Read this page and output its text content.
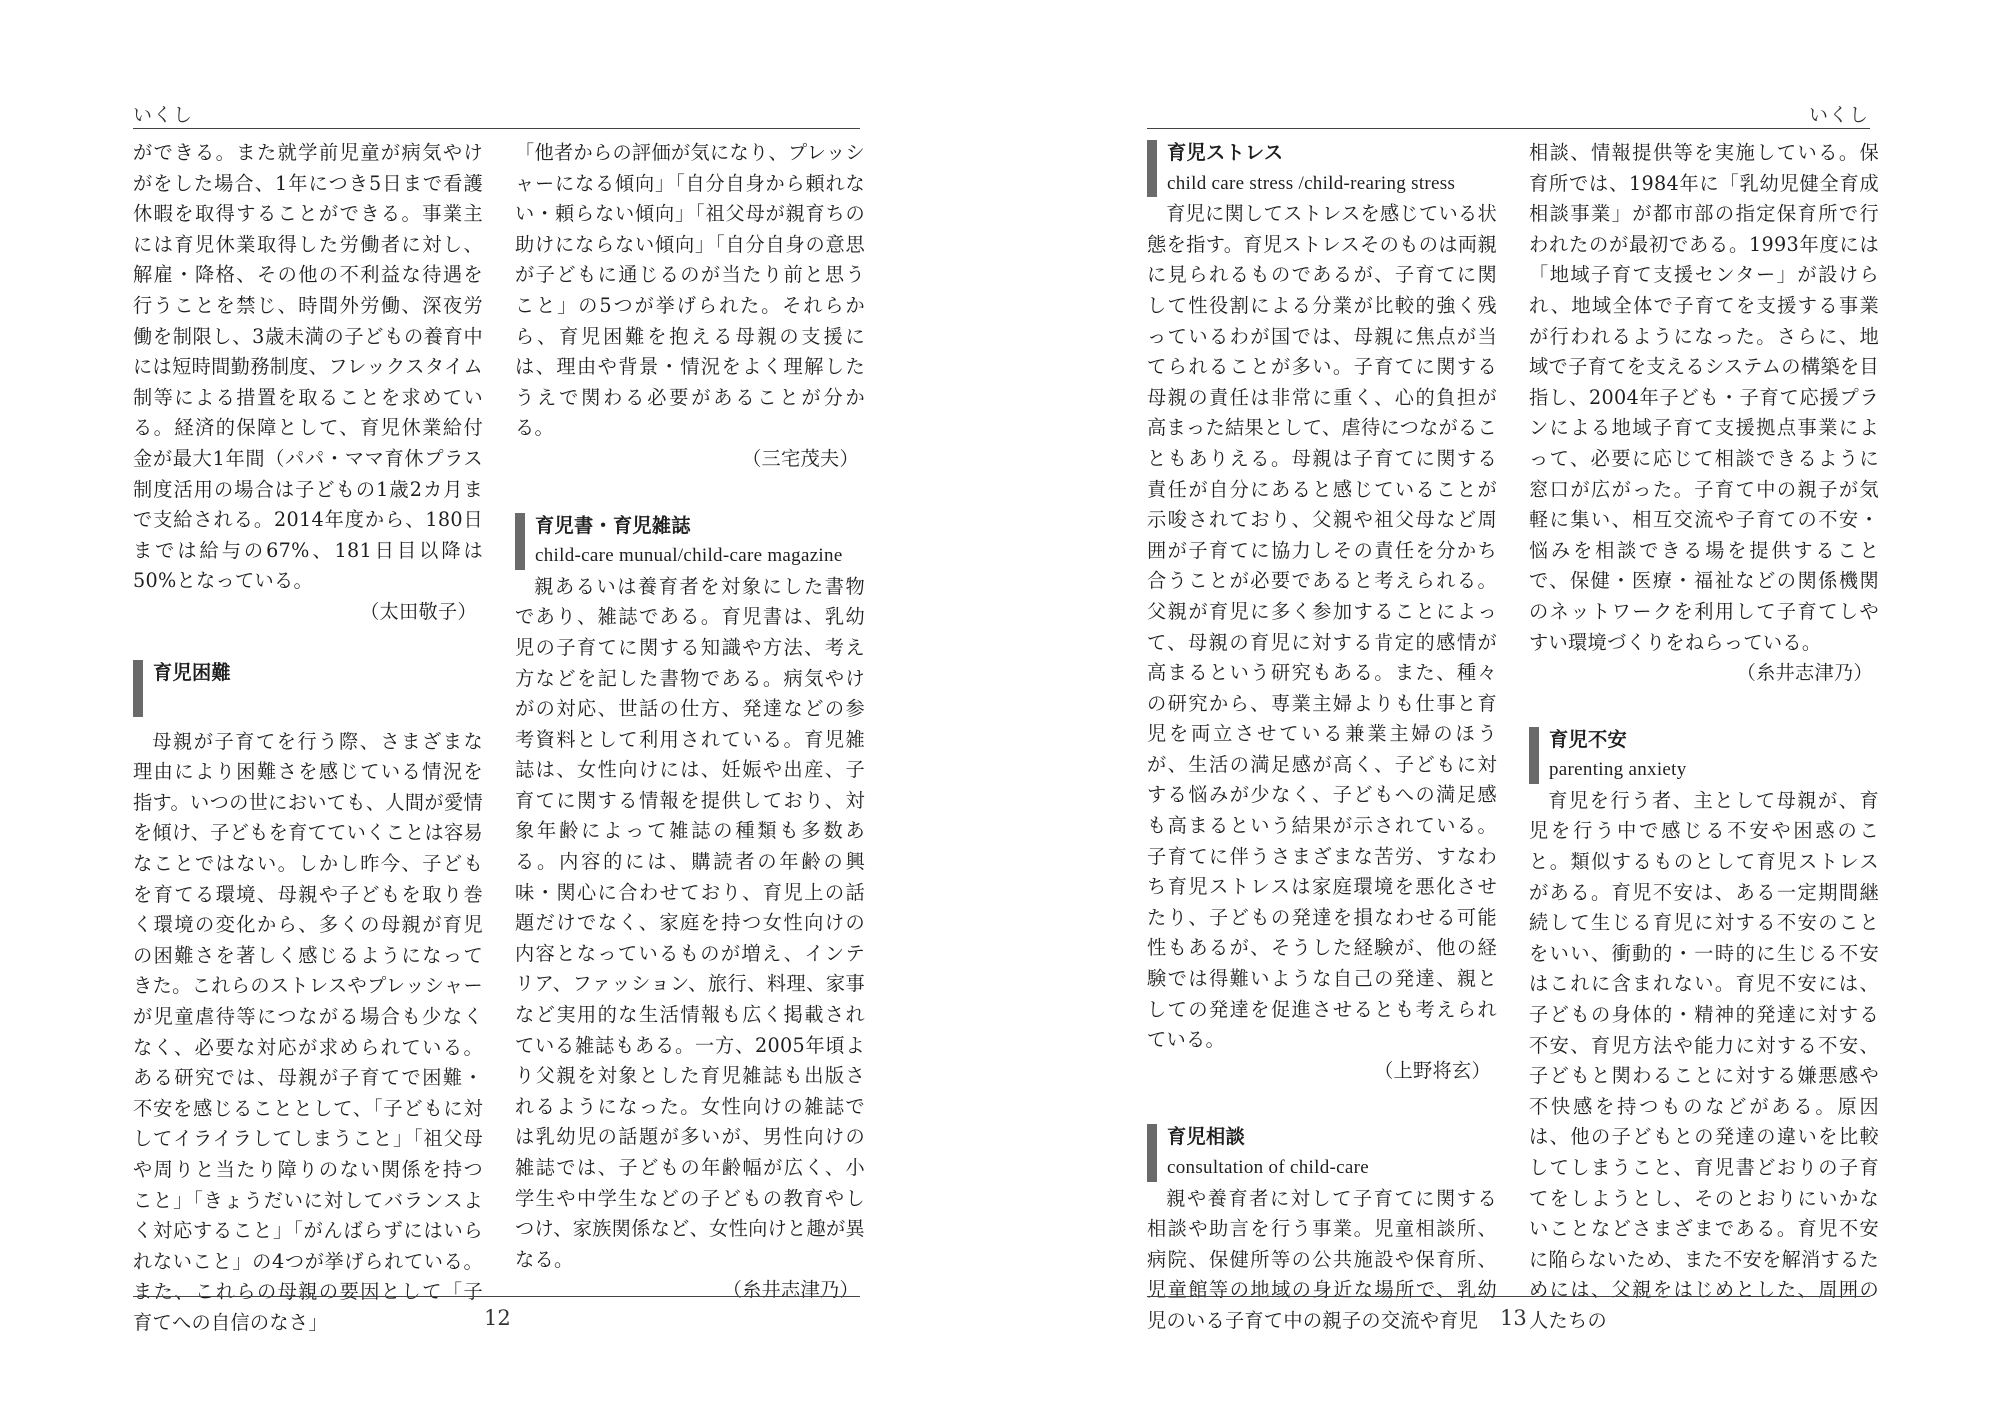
いくし

ができる。また就学前児童が病気やけがをした場合、1年につき5日まで看護休暇を取得することができる。事業主には育児休業取得した労働者に対し、解雇・降格、その他の不利益な待遇を行うことを禁じ、時間外労働、深夜労働を制限し、3歳未満の子どもの養育中には短時間勤務制度、フレックスタイム制等による措置を取ることを求めている。経済的保障として、育児休業給付金が最大1年間（パパ・ママ育休プラス制度活用の場合は子どもの1歳2カ月まで支給される。2014年度から、180日までは給与の67%、181日目以降は50%となっている。

（太田敬子）
育児困難

母親が子育てを行う際、さまざまな理由により困難さを感じている情況を指す。いつの世においても、人間が愛情を傾け、子どもを育てていくことは容易なことではない。しかし昨今、子どもを育てる環境、母親や子どもを取り巻く環境の変化から、多くの母親が育児の困難さを著しく感じるようになってきた。これらのストレスやプレッシャーが児童虐待等につながる場合も少なくなく、必要な対応が求められている。ある研究では、母親が子育てで困難・不安を感じることとして、「子どもに対してイライラしてしまうこと」「祖父母や周りと当たり障りのない関係を持つこと」「きょうだいに対してバランスよく対応すること」「がんばらずにはいられないこと」の4つが挙げられている。また、これらの母親の要因として「子育てへの自信のなさ」

「他者からの評価が気になり、プレッシャーになる傾向」「自分自身から頼れない・頼らない傾向」「祖父母が親育ちの助けにならない傾向」「自分自身の意思が子どもに通じるのが当たり前と思うこと」の5つが挙げられた。それらから、育児困難を抱える母親の支援には、理由や背景・情況をよく理解したうえで関わる必要があることが分かる。

（三宅茂夫）
育児書・育児雑誌
child-care munual/child-care magazine

親あるいは養育者を対象にした書物であり、雑誌である。育児書は、乳幼児の子育てに関する知識や方法、考え方などを記した書物である。病気やけがの対応、世話の仕方、発達などの参考資料として利用されている。育児雑誌は、女性向けには、妊娠や出産、子育てに関する情報を提供しており、対象年齢によって雑誌の種類も多数ある。内容的には、購読者の年齢の興味・関心に合わせており、育児上の話題だけでなく、家庭を持つ女性向けの内容となっているものが増え、インテリア、ファッション、旅行、料理、家事など実用的な生活情報も広く掲載されている雑誌もある。一方、2005年頃より父親を対象とした育児雑誌も出版されるようになった。女性向けの雑誌では乳幼児の話題が多いが、男性向けの雑誌では、子どもの年齢幅が広く、小学生や中学生などの子どもの教育やしつけ、家族関係など、女性向けと趣が異なる。

（糸井志津乃）
12
いくし
育児ストレス
child care stress /child-rearing stress

育児に関してストレスを感じている状態を指す。育児ストレスそのものは両親に見られるものであるが、子育てに関して性役割による分業が比較的強く残っているわが国では、母親に焦点が当てられることが多い。子育てに関する母親の責任は非常に重く、心的負担が高まった結果として、虐待につながることもありえる。母親は子育てに関する責任が自分にあると感じていることが示唆されており、父親や祖父母など周囲が子育てに協力しその責任を分かち合うことが必要であると考えられる。父親が育児に多く参加することによって、母親の育児に対する肯定的感情が高まるという研究もある。また、種々の研究から、専業主婦よりも仕事と育児を両立させている兼業主婦のほうが、生活の満足感が高く、子どもに対する悩みが少なく、子どもへの満足感も高まるという結果が示されている。子育てに伴うさまざまな苦労、すなわち育児ストレスは家庭環境を悪化させたり、子どもの発達を損なわせる可能性もあるが、そうした経験が、他の経験では得難いような自己の発達、親としての発達を促進させるとも考えられている。

（上野将玄）
育児相談
consultation of child-care

親や養育者に対して子育てに関する相談や助言を行う事業。児童相談所、病院、保健所等の公共施設や保育所、児童館等の地域の身近な場所で、乳幼児のいる子育て中の親子の交流や育児

相談、情報提供等を実施している。保育所では、1984年に「乳幼児健全育成相談事業」が都市部の指定保育所で行われたのが最初である。1993年度には「地域子育て支援センター」が設けられ、地域全体で子育てを支援する事業が行われるようになった。さらに、地域で子育てを支えるシステムの構築を目指し、2004年子ども・子育て応援プランによる地域子育て支援拠点事業によって、必要に応じて相談できるように窓口が広がった。子育て中の親子が気軽に集い、相互交流や子育ての不安・悩みを相談できる場を提供することで、保健・医療・福祉などの関係機関のネットワークを利用して子育てしやすい環境づくりをねらっている。

（糸井志津乃）
育児不安
parenting anxiety

育児を行う者、主として母親が、育児を行う中で感じる不安や困惑のこと。類似するものとして育児ストレスがある。育児不安は、ある一定期間継続して生じる育児に対する不安のことをいい、衝動的・一時的に生じる不安はこれに含まれない。育児不安には、子どもの身体的・精神的発達に対する不安、育児方法や能力に対する不安、子どもと関わることに対する嫌悪感や不快感を持つものなどがある。原因は、他の子どもとの発達の違いを比較してしまうこと、育児書どおりの子育てをしようとし、そのとおりにいかないことなどさまざまである。育児不安に陥らないため、また不安を解消するためには、父親をはじめとした、周囲の人たちの

13
